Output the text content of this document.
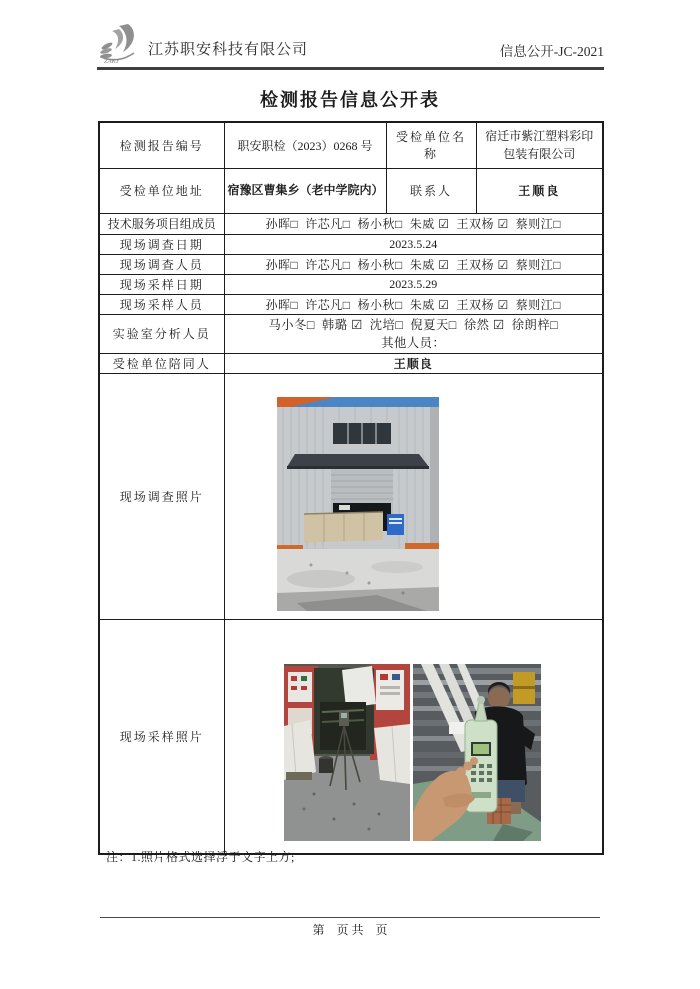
ZAKJ
江苏职安科技有限公司	信息公开-JC-2021
检测报告信息公开表
检测报告编号	职安职检（2023）0268 号	受检单位名称	宿迁市紫江塑料彩印包装有限公司
受检单位地址	宿豫区曹集乡（老中学院内）	联系人	王顺良
技术服务项目组成员	孙晖□  许芯凡□  杨小秋□  朱威 ☑  王双杨 ☑  蔡则江□		
现场调查日期	2023.5.24		
现场调查人员	孙晖□  许芯凡□  杨小秋□  朱威 ☑  王双杨 ☑  蔡则江□		
现场采样日期	2023.5.29		
现场采样人员	孙晖□  许芯凡□  杨小秋□  朱威 ☑  王双杨 ☑  蔡则江□		
实验室分析人员	马小冬□  韩璐 ☑  沈培□  倪夏天□  徐然 ☑  徐朗梓□
其他人员：		

受检单位陪同人	王顺良		
现场调查照片	

现场采样照片	

注：1.照片格式选择浮于文字上方;

第　页 共　页
